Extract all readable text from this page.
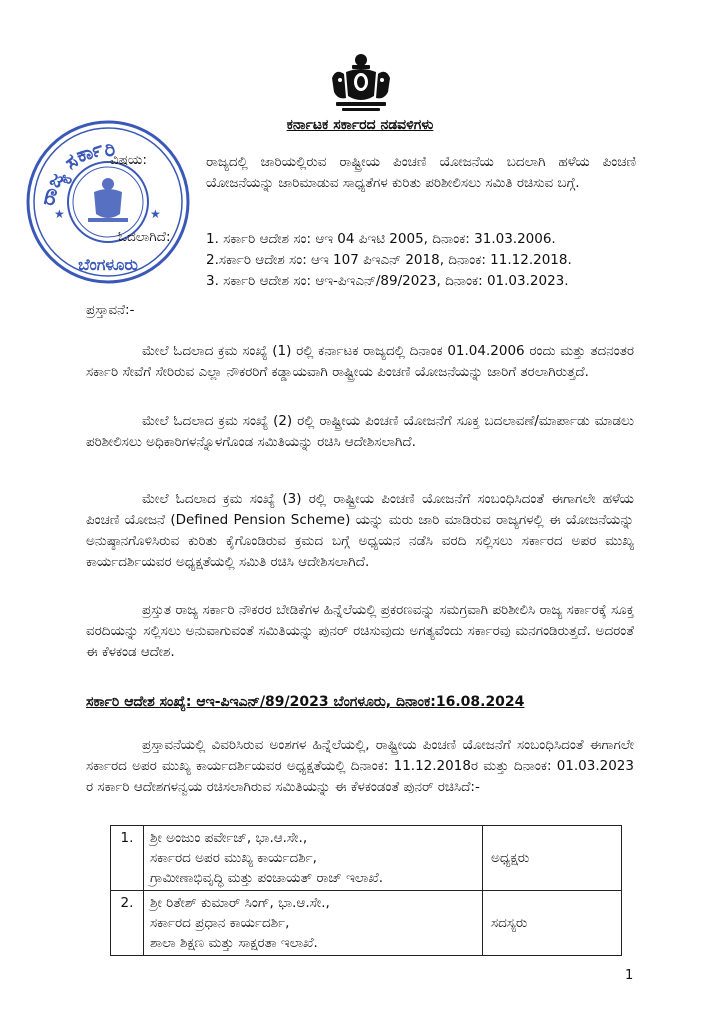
ಕರ್ನಾಟಕ ಸರ್ಕಾರದ ನಡವಳಿಗಳು
ರಾಜ್ಯ ಸರ್ಕಾರಿ
ಬೆಂಗಳೂರು
★	★
ವಿಷಯ:	ರಾಜ್ಯದಲ್ಲಿ ಜಾರಿಯಲ್ಲಿರುವ ರಾಷ್ಟ್ರೀಯ ಪಿಂಚಣಿ ಯೋಜನೆಯ ಬದಲಾಗಿ ಹಳೆಯ ಪಿಂಚಣಿ ಯೋಜನೆಯನ್ನು ಜಾರಿಮಾಡುವ ಸಾಧ್ಯತೆಗಳ ಕುರಿತು ಪರಿಶೀಲಿಸಲು ಸಮಿತಿ ರಚಿಸುವ ಬಗ್ಗೆ.
ಓದಲಾಗಿದೆ:	1. ಸರ್ಕಾರಿ ಆದೇಶ ಸಂ: ಆಇ 04 ಪಿಇಟಿ 2005, ದಿನಾಂಕ: 31.03.2006.
2.ಸರ್ಕಾರಿ ಆದೇಶ ಸಂ: ಆಇ 107 ಪಿಇಎನ್ 2018, ದಿನಾಂಕ: 11.12.2018.
3. ಸರ್ಕಾರಿ ಆದೇಶ ಸಂ: ಆಇ-ಪಿಇಎನ್/89/2023, ದಿನಾಂಕ: 01.03.2023.
ಪ್ರಸ್ತಾವನೆ:-
ಮೇಲೆ ಓದಲಾದ ಕ್ರಮ ಸಂಖ್ಯೆ (1) ರಲ್ಲಿ ಕರ್ನಾಟಕ ರಾಜ್ಯದಲ್ಲಿ ದಿನಾಂಕ 01.04.2006 ರಂದು ಮತ್ತು ತದನಂತರ ಸರ್ಕಾರಿ ಸೇವೆಗೆ ಸೇರಿರುವ ಎಲ್ಲಾ ನೌಕರರಿಗೆ ಕಡ್ಡಾಯವಾಗಿ ರಾಷ್ಟ್ರೀಯ ಪಿಂಚಣಿ ಯೋಜನೆಯನ್ನು ಜಾರಿಗೆ ತರಲಾಗಿರುತ್ತದೆ.
ಮೇಲೆ ಓದಲಾದ ಕ್ರಮ ಸಂಖ್ಯೆ (2) ರಲ್ಲಿ ರಾಷ್ಟ್ರೀಯ ಪಿಂಚಣಿ ಯೋಜನೆಗೆ ಸೂಕ್ತ ಬದಲಾವಣೆ/ಮಾರ್ಪಾಡು ಮಾಡಲು ಪರಿಶೀಲಿಸಲು ಅಧಿಕಾರಿಗಳನ್ನೊಳಗೊಂಡ ಸಮಿತಿಯನ್ನು ರಚಿಸಿ ಆದೇಶಿಸಲಾಗಿದೆ.
ಮೇಲೆ ಓದಲಾದ ಕ್ರಮ ಸಂಖ್ಯೆ (3) ರಲ್ಲಿ ರಾಷ್ಟ್ರೀಯ ಪಿಂಚಣಿ ಯೋಜನೆಗೆ ಸಂಬಂಧಿಸಿದಂತೆ ಈಗಾಗಲೇ ಹಳೆಯ ಪಿಂಚಣಿ ಯೋಜನೆ (Defined Pension Scheme) ಯನ್ನು ಮರು ಜಾರಿ ಮಾಡಿರುವ ರಾಜ್ಯಗಳಲ್ಲಿ ಈ ಯೋಜನೆಯನ್ನು ಅನುಷ್ಠಾನಗೊಳಿಸಿರುವ ಕುರಿತು ಕೈಗೊಂಡಿರುವ ಕ್ರಮದ ಬಗ್ಗೆ ಅಧ್ಯಯನ ನಡೆಸಿ ವರದಿ ಸಲ್ಲಿಸಲು ಸರ್ಕಾರದ ಅಪರ ಮುಖ್ಯ ಕಾರ್ಯದರ್ಶಿಯವರ ಅಧ್ಯಕ್ಷತೆಯಲ್ಲಿ ಸಮಿತಿ ರಚಿಸಿ ಆದೇಶಿಸಲಾಗಿದೆ.
ಪ್ರಸ್ತುತ ರಾಜ್ಯ ಸರ್ಕಾರಿ ನೌಕರರ ಬೇಡಿಕೆಗಳ ಹಿನ್ನೆಲೆಯಲ್ಲಿ ಪ್ರಕರಣವನ್ನು ಸಮಗ್ರವಾಗಿ ಪರಿಶೀಲಿಸಿ ರಾಜ್ಯ ಸರ್ಕಾರಕ್ಕೆ ಸೂಕ್ತ ವರದಿಯನ್ನು ಸಲ್ಲಿಸಲು ಅನುವಾಗುವಂತೆ ಸಮಿತಿಯನ್ನು ಪುನರ್ ರಚಿಸುವುದು ಅಗತ್ಯವೆಂದು ಸರ್ಕಾರವು ಮನಗಂಡಿರುತ್ತದೆ. ಅದರಂತೆ ಈ ಕೆಳಕಂಡ ಆದೇಶ.
ಸರ್ಕಾರಿ ಆದೇಶ ಸಂಖ್ಯೆ: ಆಇ-ಪಿಇಎನ್/89/2023 ಬೆಂಗಳೂರು, ದಿನಾಂಕ:16.08.2024
ಪ್ರಸ್ತಾವನೆಯಲ್ಲಿ ವಿವರಿಸಿರುವ ಅಂಶಗಳ ಹಿನ್ನೆಲೆಯಲ್ಲಿ, ರಾಷ್ಟ್ರೀಯ ಪಿಂಚಣಿ ಯೋಜನೆಗೆ ಸಂಬಂಧಿಸಿದಂತೆ ಈಗಾಗಲೇ ಸರ್ಕಾರದ ಅಪರ ಮುಖ್ಯ ಕಾರ್ಯದರ್ಶಿಯವರ ಅಧ್ಯಕ್ಷತೆಯಲ್ಲಿ ದಿನಾಂಕ: 11.12.2018ರ ಮತ್ತು ದಿನಾಂಕ: 01.03.2023 ರ ಸರ್ಕಾರಿ ಆದೇಶಗಳನ್ವಯ ರಚಿಸಲಾಗಿರುವ ಸಮಿತಿಯನ್ನು ಈ ಕೆಳಕಂಡಂತೆ ಪುನರ್ ರಚಿಸಿದೆ:-
1.	ಶ್ರೀ ಅಂಜುಂ ಪರ್ವೇಜ್, ಭಾ.ಆ.ಸೇ.,
ಸರ್ಕಾರದ ಅಪರ ಮುಖ್ಯ ಕಾರ್ಯದರ್ಶಿ,
ಗ್ರಾಮೀಣಾಭಿವೃದ್ಧಿ ಮತ್ತು ಪಂಚಾಯತ್ ರಾಜ್ ಇಲಾಖೆ.	ಅಧ್ಯಕ್ಷರು
2.	ಶ್ರೀ ರಿತೇಶ್ ಕುಮಾರ್ ಸಿಂಗ್, ಭಾ.ಆ.ಸೇ.,
ಸರ್ಕಾರದ ಪ್ರಧಾನ ಕಾರ್ಯದರ್ಶಿ,
ಶಾಲಾ ಶಿಕ್ಷಣ ಮತ್ತು ಸಾಕ್ಷರತಾ ಇಲಾಖೆ.	ಸದಸ್ಯರು
1
